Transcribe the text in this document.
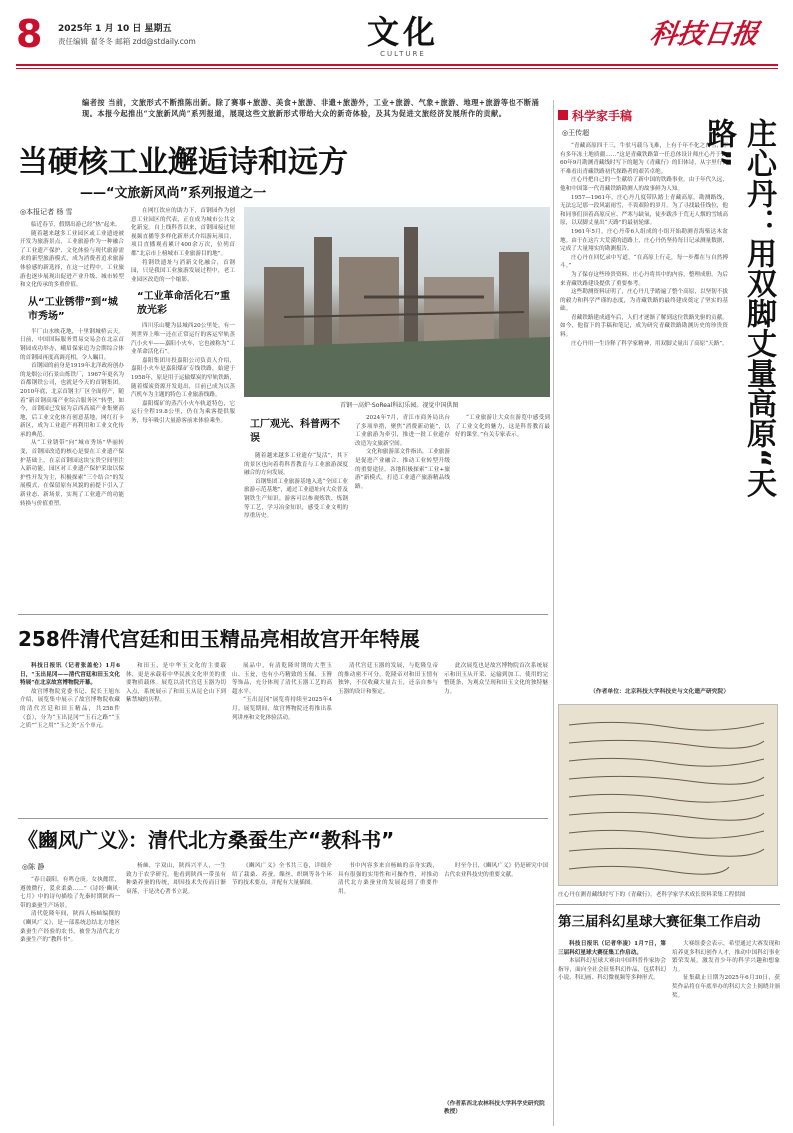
8	2025年 1 月 10 日 星期五
责任编辑 翟冬冬 邮箱 zdd@stdaily.com	文化
CULTURE
科技日报
编者按 当前，文旅形式不断推陈出新。除了赛事+旅游、美食+旅游、非遗+旅游外，工业+旅游、气象+旅游、地理+旅游等也不断涌现。本报今起推出“文旅新风尚”系列报道，展现这些文旅新形式带给大众的新奇体验，及其为促进文旅经济发展所作的贡献。
当硬核工业邂逅诗和远方
——“文旅新风尚”系列报道之一
◎本报记者 杨 雪

临近春节，假期出游已经“热”起来。

随着越来越多工业园区或工业遗迹被开发为旅游景点，工业旅游作为一种融合了工业遗产保护、文化体验与现代旅游需求的新型旅游模式，成为消费者追求旅游体验感的新选择，在这一过程中，工业旅游也逐步展现出促进产业升级、城市转型和文化传承的多重价值。

从“工业锈带”到“城市秀场”

半厂山水映花地，十里钢城桥云天。日前，中国国际服务贸易交易会在北京首钢园成功举办，峨眉保家追为会期综合体的首钢园再度高调亮相，令人瞩目。

首钢园的前身是1919年北洋政府创办的龙烟公司石景山炼铁厂，1967年更名为首都钢铁公司，也就是今天的首钢集团。2010年底，北京首钢主厂区全面停产，随着“新首钢高端产业综合服务区”转型，如今，首钢园已发展为京西高端产业集聚高地，后工业文化体育创意基地，网红打卡新区，成为工业遗产再利用和工业文化传承的典范。

从“工业锈带”向“城市秀场”华丽转变，首钢园改造的核心是要在工业遗产保护基础上，在京首钢园这块宝贵空间里注入新功能，园区对工业遗产保护采取以保护性开发为主，积极探索“三个结合”的发展模式，在保留原有风貌的前提下引入了新业态、新场景，实现了工业遗产的功能转换与价值重塑。

在网红饮应的助力下，首钢园作为创意工业园区的代表，正在成为城市公共文化新宠。自上线科普以来，首钢园接过短视频直播等多样化新形式介绍游玩项目，项目直播观看累计400余万次，位列首都“北京市上榜城市工业旅游目的地”。

将钢铁遗址与消新文化融合，首钢园，只是我国工业旅游发展过程中，老工业园区改造的一个缩影。

“工业革命活化石”重放光彩

四川乐山犍为县城西20公里处，有一列世界上唯一还在正常运行的客运窄轨蒸汽小火车——嘉阳小火车，它也被称为“工业革命活化石”。

嘉阳集团川投嘉阳公司负责人介绍，嘉阳小火车是嘉阳煤矿专线铁路，始建于1958年，原是用于运输煤炭的窄轨铁路，随着煤炭资源开发退出，目前已成为以蒸汽机车为主题的特色工业旅游线路。

嘉阳煤矿的蒸汽小火车轨道特色，它运行全程19.8公里，仍在为乘客提供服务，每年吸引大量游客前来体验乘坐。

首钢一高炉·SoReal科幻乐园。视觉中国供图
工厂观光、科普两不误

随着越来越多工业遗存“复活”，其下的景区也向着将科普教育与工业旅游深度融合的方向发展。

首钢集团工业旅游基地入选“全国工业旅游示范基地”，通过工业遗址向大众普及钢铁生产知识。游客可以参观炼铁、炼钢等工艺，学习冶金知识，感受工业文明的厚重历史。

2024年7月，青江市商务局出台了多项举措，聚焦“消费新动能”，以工业旅游为牵引，推进一批工业遗存改造为文旅新空间。

文化和旅游部文件指出，工业旅游是促进产业融合、推动工业转型升级的重要途径。各地积极探索“工业+旅游”新模式，打造工业遗产旅游精品线路。

“工业旅游让大众在游览中感受到了工业文化的魅力，这是科普教育最好的课堂。”有关专家表示。

科学家手稿
◎王传超

“青藏高原四千三，牛驮马载乌飞难，上有千年不化之白雪，下有多年冻土地质疆……”这是青藏铁路第一任总体设计师庄心丹于1960年9月勘测青藏线时写下的题为《青藏行》的旧体诗，从字里行间不难看出青藏铁路初代探路者的艰苦卓绝。

庄心丹把自己的一生献给了新中国的铁路事业。由于年代久远，他和中国第一代青藏铁路勘测人的故事鲜为人知。

1957—1961年，庄心丹几度带队踏上青藏高原，勘测路线，无法忘记那一段风霜雨雪，不畏艰险的岁月。为了寻找最佳线位，他和同事们顶着高原反应、严寒与缺氧，徒步跋涉于荒无人烟的雪域高原，以双脚丈量出“天路”的最初轮廓。

1961年5月，庄心丹带6人组成的小组开始勘测青海柴达木盆地。由于在这片大荒漠的道路上，庄心丹仍坚持每日记录测量数据，完成了大量翔实的勘测报告。

庄心丹在回忆录中写道，“在高原上行走，每一步都在与自然搏斗。”

为了保存这些珍贵资料，庄心丹将其中的内容，整理成册，为后来青藏铁路建设提供了重要参考。

这些勘测资料证明了，庄心丹几乎踏遍了整个高原，以坚韧不拔的毅力和科学严谨的态度，为青藏铁路的最终建成奠定了坚实的基础。

青藏铁路建成通车后，人们才逐渐了解到这位铁路先驱的贡献。如今，他留下的手稿和笔记，成为研究青藏铁路勘测历史的珍贵资料。

庄心丹用一生诠释了科学家精神，用双脚丈量出了高原“天路”。 庄心丹：用双脚丈量高原“天路”
（作者单位：北京科技大学科技史与文化遗产研究院）
庄心丹在测青藏线时写下的《青藏行》。老科学家学术成长资料采集工程供图
258件清代宫廷和田玉精品亮相故宫开年特展

科技日报讯（记者张盖伦）1月6日，“玉出昆冈——清代宫廷和田玉文化特展”在北京故宫博物院开幕。

故宫博物院党委书记、院长王旭东介绍，展览集中展示了故宫博物院收藏的清代宫廷和田玉精品，共258件（套），分为“玉出昆冈”“玉石之路”“玉之质”“玉之用”“玉之美”五个单元。

和田玉，是中华玉文化的主要载体，更是承载着中华民族文化审美的重要物质载体。展览以清代宫廷玉器为切入点，系统展示了和田玉从昆仑山下到紫禁城的历程。

展品中，有清乾隆时期的大型玉山、玉瓮，也有小巧精致的玉佩、玉簪等饰品，充分体现了清代玉器工艺的高超水平。

“玉出昆冈”展览将持续至2025年4月。展览期间，故宫博物院还将推出系列讲座和文化体验活动。

清代宫廷玉器的发展，与乾隆皇帝的推动密不可分。乾隆帝对和田玉情有独钟，不仅收藏大量古玉，还亲自参与玉器的设计和鉴定。

此次展览也是故宫博物院首次系统展示和田玉从开采、运输到加工、使用的完整链条，为观众呈现和田玉文化的独特魅力。

《豳风广义》：清代北方桑蚕生产“教科书”
◎陈 静

“春日载阳，有鸣仓庚。女执懿筐，遵彼微行，爰求柔桑……”《诗经·豳风·七月》中的诗句描绘了先秦时期陕西一带的桑蚕生产场景。

清代乾隆年间，陕西人杨屾编撰的《豳风广义》，是一部系统总结北方地区桑蚕生产经验的农书，被誉为清代北方桑蚕生产的“教科书”。

杨屾，字双山，陕西兴平人，一生致力于农学研究。他看到陕西一带虽有种桑养蚕的传统，却因技术失传而日渐衰落，于是决心著书立说。

《豳风广义》全书共三卷，详细介绍了栽桑、养蚕、缫丝、织绸等各个环节的技术要点，并配有大量插图。

书中内容多来自杨屾的亲身实践，具有很强的实用性和可操作性，对推动清代北方桑蚕业的发展起到了重要作用。

时至今日，《豳风广义》仍是研究中国古代农业科技史的重要文献。

（作者系西北农林科技大学科学史研究院教授）
第三届科幻星球大赛征集工作启动

科技日报讯（记者华凌）1月7日，第三届科幻星球大赛征集工作启动。

本届科幻星球大赛由中国科普作家协会指导，面向全社会征集科幻作品，包括科幻小说、科幻画、科幻微视频等多种形式。

大赛组委会表示，希望通过大赛发现和培养更多科幻创作人才，推动中国科幻事业繁荣发展，激发青少年的科学兴趣和想象力。

征集截止日期为2025年6月30日，获奖作品将在年底举办的科幻大会上揭晓并颁奖。
